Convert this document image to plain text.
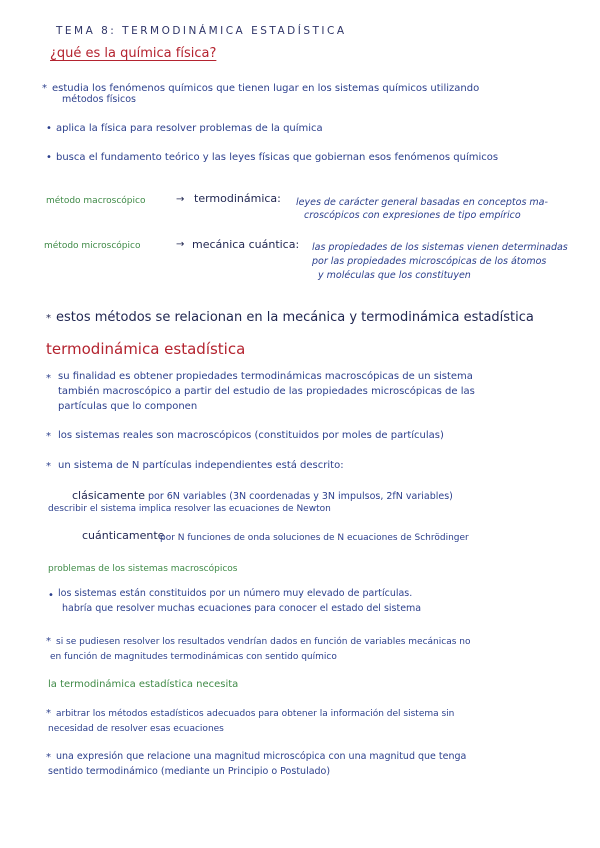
TEMA 8: TERMODINÁMICA ESTADÍSTICA
¿qué es la química física?
* estudia los fenómenos químicos que tienen lugar en los sistemas químicos utilizando
métodos físicos
• aplica la física para resolver problemas de la química
• busca el fundamento teórico y las leyes físicas que gobiernan esos fenómenos químicos
método macroscópico	→ termodinámica: leyes de carácter general basadas en conceptos ma-
croscópicos con expresiones de tipo empírico
método microscópico	→ mecánica cuántica: las propiedades de los sistemas vienen determinadas
por las propiedades microscópicas de los átomos
y moléculas que los constituyen
* estos métodos se relacionan en la mecánica y termodinámica estadística
termodinámica estadística
* su finalidad es obtener propiedades termodinámicas macroscópicas de un sistema
también macroscópico a partir del estudio de las propiedades microscópicas de las
partículas que lo componen
* los sistemas reales son macroscópicos (constituidos por moles de partículas)
* un sistema de N partículas independientes está descrito:
clásicamente por 6N variables (3N coordenadas y 3N impulsos, 2fN variables)
describir el sistema implica resolver las ecuaciones de Newton
cuánticamente
por N funciones de onda soluciones de N ecuaciones de Schrödinger
problemas de los sistemas macroscópicos
• los sistemas están constituidos por un número muy elevado de partículas.
habría que resolver muchas ecuaciones para conocer el estado del sistema
* si se pudiesen resolver los resultados vendrían dados en función de variables mecánicas no
en función de magnitudes termodinámicas con sentido químico
la termodinámica estadística necesita
* arbitrar los métodos estadísticos adecuados para obtener la información del sistema sin
necesidad de resolver esas ecuaciones
* una expresión que relacione una magnitud microscópica con una magnitud que tenga
sentido termodinámico (mediante un Principio o Postulado)
